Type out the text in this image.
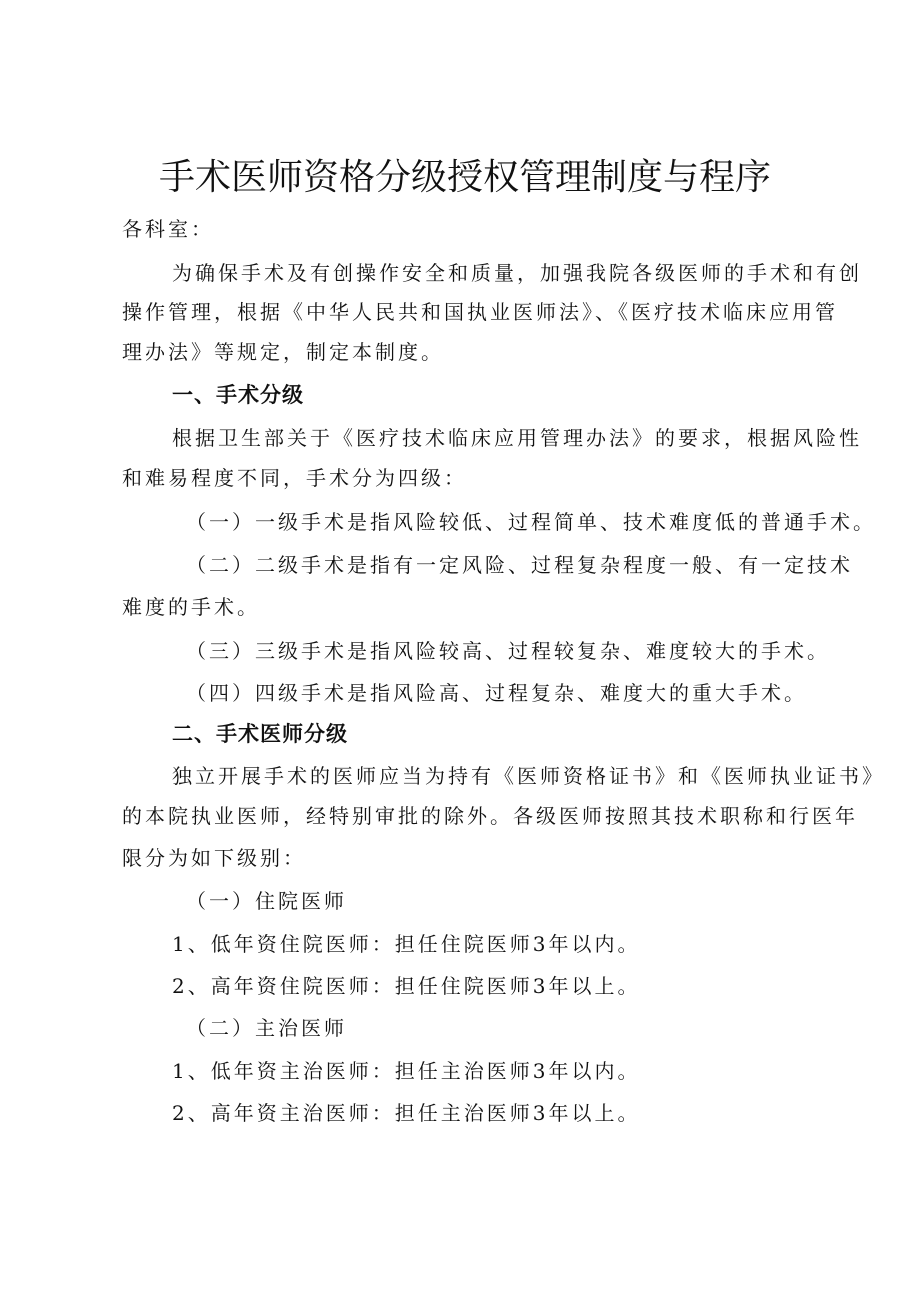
手术医师资格分级授权管理制度与程序
各科室：
为确保手术及有创操作安全和质量，加强我院各级医师的手术和有创
操作管理，根据《中华人民共和国执业医师法》、《医疗技术临床应用管
理办法》等规定，制定本制度。
一、手术分级
根据卫生部关于《医疗技术临床应用管理办法》的要求，根据风险性
和难易程度不同，手术分为四级：
（一）一级手术是指风险较低、过程简单、技术难度低的普通手术。
（二）二级手术是指有一定风险、过程复杂程度一般、有一定技术
难度的手术。
（三）三级手术是指风险较高、过程较复杂、难度较大的手术。
（四）四级手术是指风险高、过程复杂、难度大的重大手术。
二、手术医师分级
独立开展手术的医师应当为持有《医师资格证书》和《医师执业证书》
的本院执业医师，经特别审批的除外。各级医师按照其技术职称和行医年
限分为如下级别：
（一）住院医师
1、低年资住院医师：担任住院医师3年以内。
2、高年资住院医师：担任住院医师3年以上。
（二）主治医师
1、低年资主治医师：担任主治医师3年以内。
2、高年资主治医师：担任主治医师3年以上。
